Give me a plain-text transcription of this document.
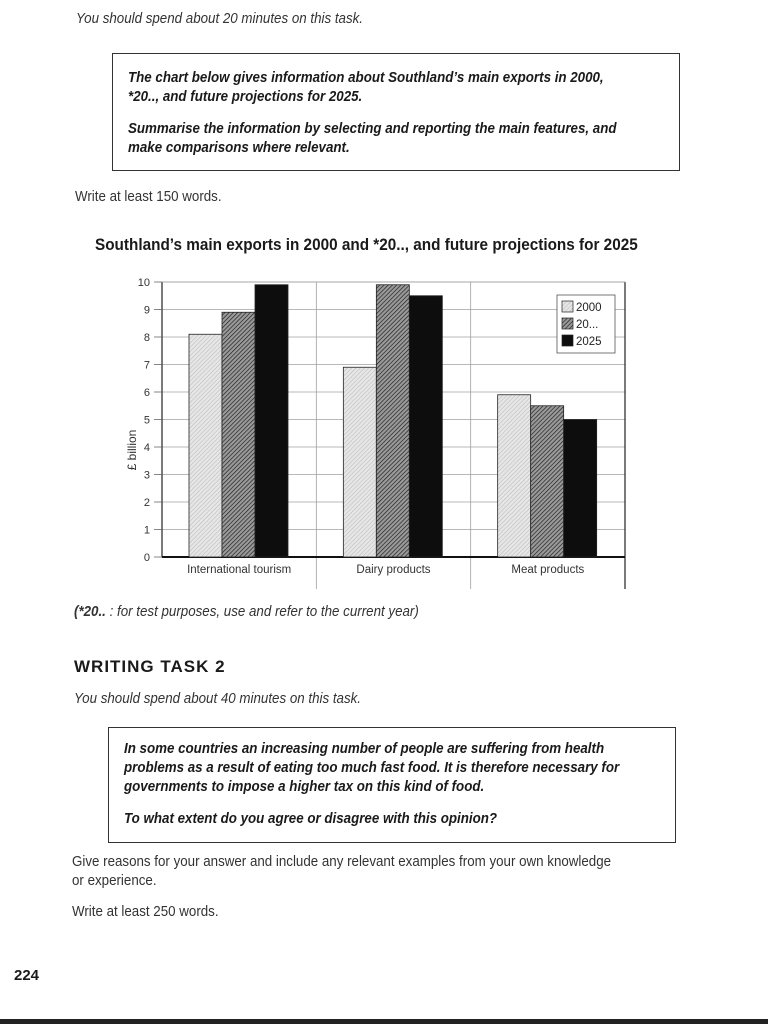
You should spend about 20 minutes on this task.

The chart below gives information about Southland’s main exports in 2000,

*20.., and future projections for 2025.

Summarise the information by selecting and reporting the main features, and

make comparisons where relevant.

Write at least 150 words.
Southland’s main exports in 2000 and *20.., and future projections for 2025
0
1
2
3
4
5
6
7
8
9
10
International tourism	Dairy products	Meat products
£ billion
2000
20...
2025
(*20.. : for test purposes, use and refer to the current year)
WRITING TASK 2
You should spend about 40 minutes on this task.

In some countries an increasing number of people are suffering from health

problems as a result of eating too much fast food. It is therefore necessary for

governments to impose a higher tax on this kind of food.

To what extent do you agree or disagree with this opinion?

Give reasons for your answer and include any relevant examples from your own knowledge
or experience.
Write at least 250 words.
224
